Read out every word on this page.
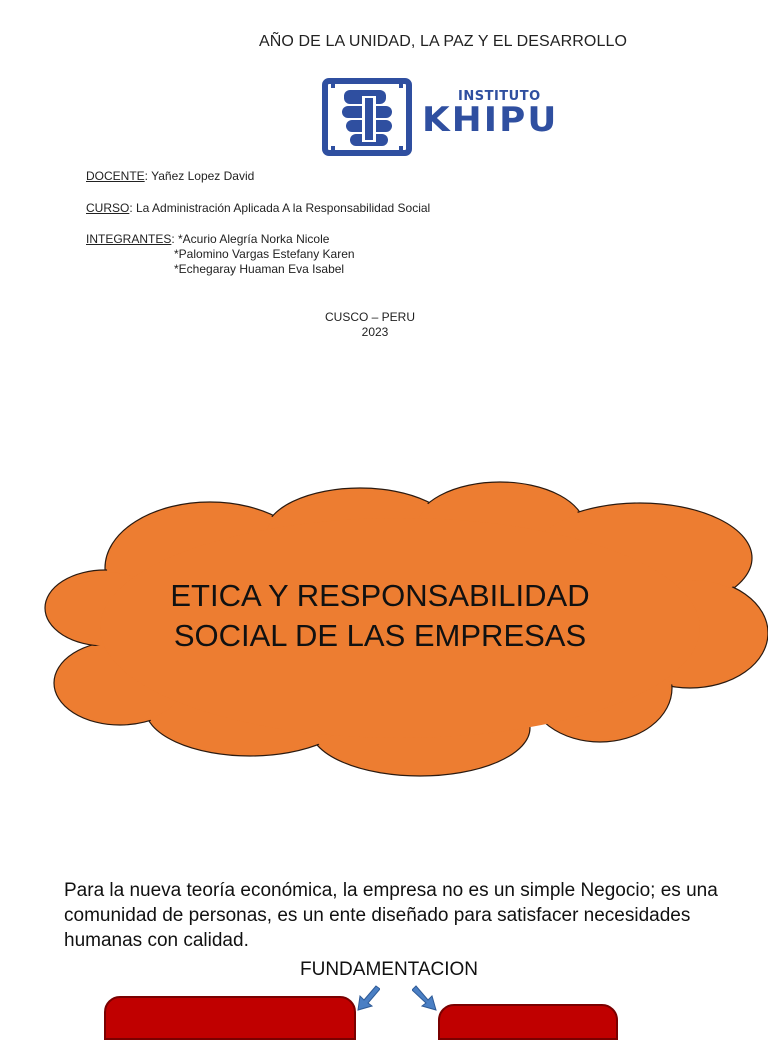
AÑO DE LA UNIDAD, LA PAZ Y EL DESARROLLO
INSTITUTO
KHIPU
DOCENTE: Yañez Lopez David
CURSO: La Administración Aplicada A la Responsabilidad Social
INTEGRANTES: *Acurio Alegría Norka Nicole
*Palomino Vargas Estefany Karen
*Echegaray Huaman Eva Isabel
CUSCO – PERU
2023
ETICA Y RESPONSABILIDAD
SOCIAL DE LAS EMPRESAS
Para la nueva teoría económica, la empresa no es un simple Negocio; es una comunidad de personas, es un ente diseñado para satisfacer necesidades humanas con calidad.
FUNDAMENTACION
